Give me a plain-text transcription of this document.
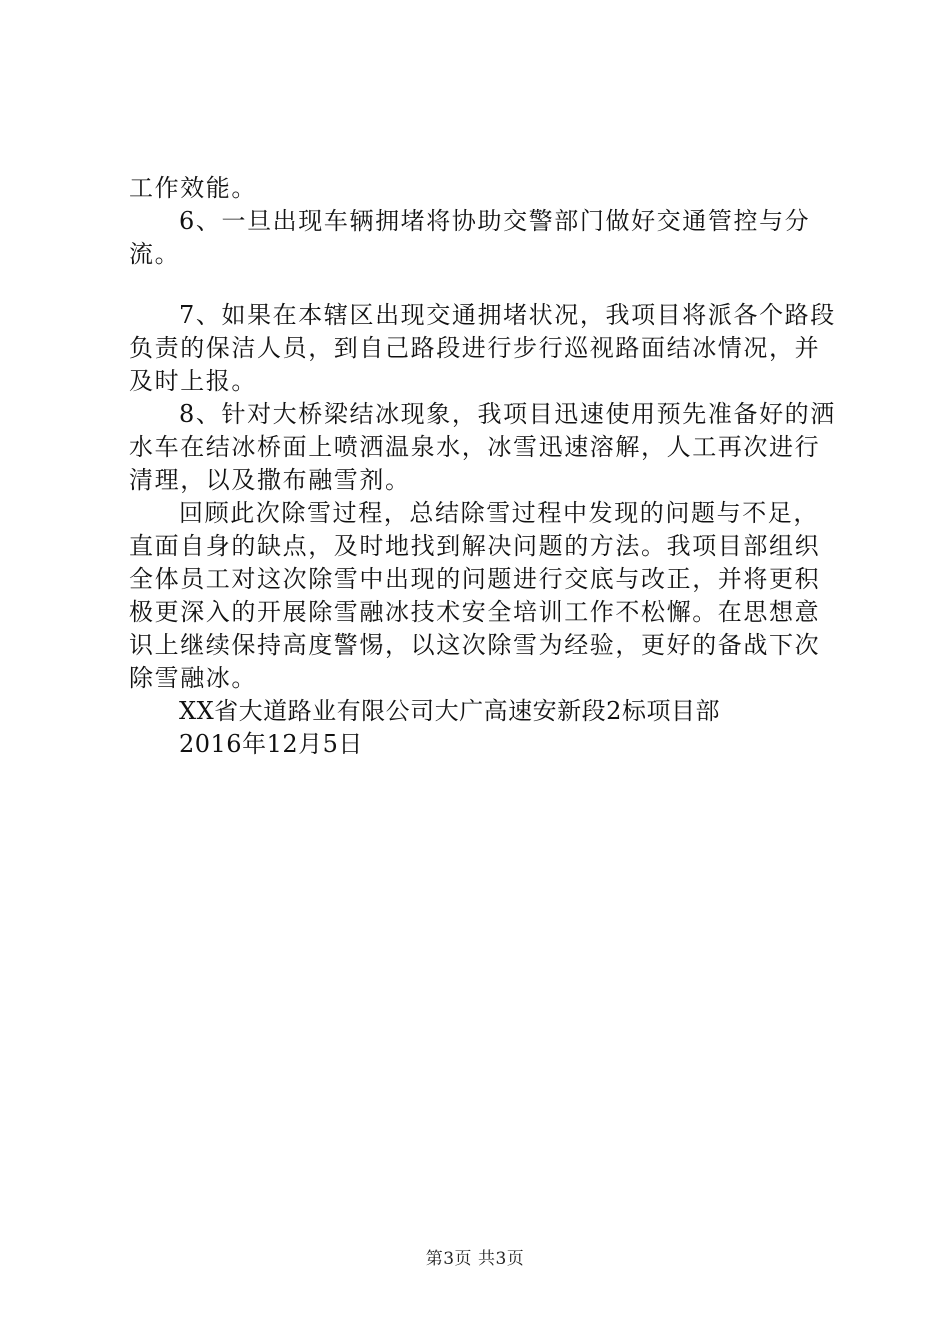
工作效能。

6、一旦出现车辆拥堵将协助交警部门做好交通管控与分流。

7、如果在本辖区出现交通拥堵状况，我项目将派各个路段
负责的保洁人员，到自己路段进行步行巡视路面结冰情况，并
及时上报。

8、针对大桥梁结冰现象，我项目迅速使用预先准备好的洒
水车在结冰桥面上喷洒温泉水，冰雪迅速溶解，人工再次进行
清理，以及撒布融雪剂。

回顾此次除雪过程，总结除雪过程中发现的问题与不足，
直面自身的缺点，及时地找到解决问题的方法。我项目部组织
全体员工对这次除雪中出现的问题进行交底与改正，并将更积
极更深入的开展除雪融冰技术安全培训工作不松懈。在思想意
识上继续保持高度警惕，以这次除雪为经验，更好的备战下次
除雪融冰。

XX省大道路业有限公司大广高速安新段2标项目部

2016年12月5日

第3页 共3页
